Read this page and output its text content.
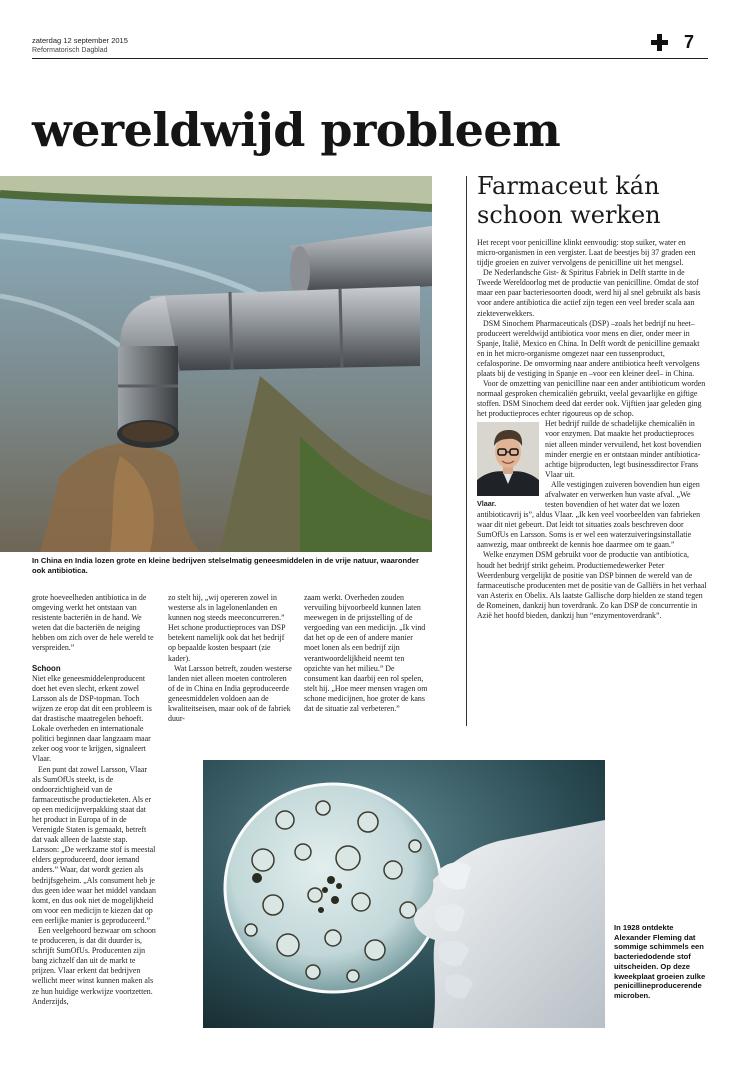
zaterdag 12 september 2015
Reformatorisch Dagblad	7
wereldwijd probleem
In China en India lozen grote en kleine bedrijven stelselmatig geneesmiddelen in de vrije natuur, waaronder ook antibiotica.

grote hoeveelheden antibiotica in de omgeving werkt het ontstaan van resistente bacteriën in de hand. We weten dat die bacteriën de neiging hebben om zich over de hele wereld te verspreiden.”

Schoon

Niet elke geneesmiddelenproducent doet het even slecht, erkent zowel Larsson als de DSP-topman. Toch wijzen ze erop dat dit een probleem is dat drastische maatregelen behoeft. Lokale overheden en internationale politici beginnen daar langzaam maar zeker oog voor te krijgen, signaleert Vlaar.

Een punt dat zowel Larsson, Vlaar als SumOfUs steekt, is de ondoorzichtigheid van de farmaceutische productieketen. Als er op een medicijnverpakking staat dat het product in Europa of in de Verenigde Staten is gemaakt, betreft dat vaak alleen de laatste stap. Larsson: „De werkzame stof is meestal elders geproduceerd, door iemand anders.” Waar, dat wordt gezien als bedrijfsgeheim. „Als consument heb je dus geen idee waar het middel vandaan komt, en dus ook niet de mogelijkheid om voor een medicijn te kiezen dat op een eerlijke manier is geproduceerd.”

Een veelgehoord bezwaar om schoon te produceren, is dat dit duurder is, schrijft SumOfUs. Producenten zijn bang zichzelf dan uit de markt te prijzen. Vlaar erkent dat bedrijven wellicht meer winst kunnen maken als ze hun huidige werkwijze voortzetten. Anderzijds,

zo stelt hij, „wij opereren zowel in westerse als in lagelonenlanden en kunnen nog steeds meeconcurreren.” Het schone productieproces van DSP betekent namelijk ook dat het bedrijf op bepaalde kosten bespaart (zie kader).

Wat Larsson betreft, zouden westerse landen niet alleen moeten controleren of de in China en India geproduceerde geneesmiddelen voldoen aan de kwaliteitseisen, maar ook of de fabriek duur-

zaam werkt. Overheden zouden vervuiling bijvoorbeeld kunnen laten meewegen in de prijsstelling of de vergoeding van een medicijn. „Ik vind dat het op de een of andere manier moet lonen als een bedrijf zijn verantwoordelijkheid neemt ten opzichte van het milieu.” De consument kan daarbij een rol spelen, stelt hij. „Hoe meer mensen vragen om schone medicijnen, hoe groter de kans dat de situatie zal verbeteren.”

Farmaceut kán schoon werken

Het recept voor penicilline klinkt eenvoudig: stop suiker, water en micro-organismen in een vergister. Laat de beestjes bij 37 graden een tijdje groeien en zuiver vervolgens de penicilline uit het mengsel.

De Nederlandsche Gist- & Spiritus Fabriek in Delft startte in de Tweede Wereldoorlog met de productie van penicilline. Omdat de stof maar een paar bacteriesoorten doodt, werd hij al snel gebruikt als basis voor andere antibiotica die actief zijn tegen een veel breder scala aan ziekteverwekkers.

DSM Sinochem Pharmaceuticals (DSP) –zoals het bedrijf nu heet– produceert wereldwijd antibiotica voor mens en dier, onder meer in Spanje, Italië, Mexico en China. In Delft wordt de penicilline gemaakt en in het micro-organisme omgezet naar een tussenproduct, cefalosporine. De omvorming naar andere antibiotica heeft vervolgens plaats bij de vestiging in Spanje en –voor een kleiner deel– in China.

Voor de omzetting van penicilline naar een ander antibioticum worden normaal gesproken chemicaliën gebruikt, veelal gevaarlijke en giftige stoffen. DSM Sinochem deed dat eerder ook. Vijftien jaar geleden ging het productieproces echter rigoureus op de schop.

Vlaar.

Het bedrijf ruilde de schadelijke chemicaliën in voor enzymen. Dat maakte het productieproces niet alleen minder vervuilend, het kost bovendien minder energie en er ontstaan minder antibiotica-achtige bijproducten, legt businessdirector Frans Vlaar uit.

Alle vestigingen zuiveren bovendien hun eigen afvalwater en verwerken hun vaste afval. „We testen bovendien of het water dat we lozen antibioticavrij is”, aldus Vlaar. „Ik ken veel voorbeelden van fabrieken waar dit niet gebeurt. Dat leidt tot situaties zoals beschreven door SumOfUs en Larsson. Soms is er wel een waterzuiveringsinstallatie aanwezig, maar ontbreekt de kennis hoe daarmee om te gaan.”

Welke enzymen DSM gebruikt voor de productie van antibiotica, houdt het bedrijf strikt geheim. Productiemedewerker Peter Weerdenburg vergelijkt de positie van DSP binnen de wereld van de farmaceutische producenten met de positie van de Galliërs in het verhaal van Asterix en Obelix. Als laatste Gallische dorp hielden ze stand tegen de Romeinen, dankzij hun toverdrank. Zo kan DSP de concurrentie in Azië het hoofd bieden, dankzij hun “enzymentoverdrank”.

In 1928 ontdekte Alexander Fleming dat sommige schimmels een bacteriedodende stof uitscheiden. Op deze kweekplaat groeien zulke penicillineproducerende microben.
